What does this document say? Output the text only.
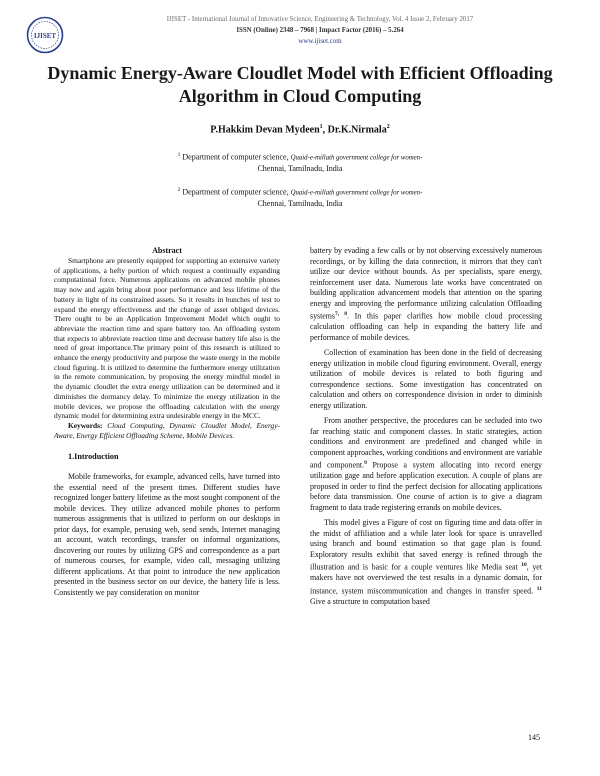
IJISET
IJISET - International Journal of Innovative Science, Engineering & Technology, Vol. 4 Issue 2, February 2017
ISSN (Online) 2348 – 7968 | Impact Factor (2016) – 5.264
www.ijiset.com
Dynamic Energy-Aware Cloudlet Model with Efficient Offloading Algorithm in Cloud Computing
P.Hakkim Devan Mydeen$^1$, Dr.K.Nirmala$^2$
$^1$ Department of computer science, Quaid-e-millath government college for women-
Chennai, Tamilnadu, India
$^2$ Department of computer science, Quaid-e-millath government college for women-
Chennai, Tamilnadu, India
Abstract
Smartphone are presently equipped for supporting an extensive variety of applications, a hefty portion of which request a continually expanding computational force. Numerous applications on advanced mobile phones may now and again bring about poor performance and less lifetime of the battery in light of its constrained assets. So it results in bunches of test to expand the energy effectiveness and the change of asset obliged devices. There ought to be an Application Improvement Model which ought to abbreviate the reaction time and spare battery too. An offloading system that expects to abbreviate reaction time and decrease battery life also is the need of great importance.The primary point of this research is utilized to enhance the energy productivity and purpose the waste energy in the mobile cloud figuring. It is utilized to determine the furthermore energy utilization in the remote communication, by proposing the energy mindful model in the dynamic cloudlet the extra energy utilization can be determined and it diminishes the dormancy delay. To minimize the energy utilization in the mobile devices, we propose the offloading calculation with the energy dynamic model for determining extra undesirable energy in the MCC.
Keywords: Cloud Computing, Dynamic Cloudlet Model, Energy- Aware, Energy Efficient Offloading Scheme, Mobile Devices.
1.Introduction
Mobile frameworks, for example, advanced cells, have turned into the essential need of the present times. Different studies have recognized longer battery lifetime as the most sought component of the mobile devices. They utilize advanced mobile phones to perform numerous assignments that is utilized to perform on our desktops in prior days, for example, perusing web, send sends, Internet managing an account, watch recordings, transfer on informal organizations, discovering our routes by utilizing GPS and correspondence as a part of numerous courses, for example, video call, messaging utilizing different applications. At that point to introduce the new application presented in the business sector on our device, the battery life is less. Consistently we pay consideration on monitor

battery by evading a few calls or by not observing excessively numerous recordings, or by killing the data connection, it mirrors that they can't utilize our device without bounds. As per specialists, spare energy, reinforcement user data. Numerous late works have concentrated on building application advancement models that attention on the sparing energy and improving the performance utilizing calculation Offloading systems$^{7, 8}$. In this paper clarifies how mobile cloud processing calculation offloading can help in expanding the battery life and performance of mobile devices.

Collection of examination has been done in the field of decreasing energy utilization in mobile cloud figuring environment. Overall, energy utilization of mobile devices is related to both figuring and correspondence sections. Some investigation has concentrated on calculation and others on correspondence division in order to diminish energy utilization.

From another perspective, the procedures can be secluded into two far reaching static and component classes. In static strategies, action conditions and environment are predefined and changed while in component approaches, working conditions and environment are variable and component.$^9$ Propose a system allocating into record energy utilization gage and before application execution. A couple of plans are proposed in order to find the perfect decision for allocating applications before data transmission. One course of action is to give a diagram fragment to data trade registering errands on mobile devices.

This model gives a Figure of cost on figuring time and data offer in the midst of affiliation and a while later look for space is unravelled using branch and bound estimation so that gage plan is found. Exploratory results exhibit that saved energy is refined through the illustration and is basic for a couple ventures like Media seat $^{10}$, yet makers have not overviewed the test results in a dynamic domain, for instance, system miscommunication and changes in transfer speed. $^{11}$ Give a structure to computation based

145
